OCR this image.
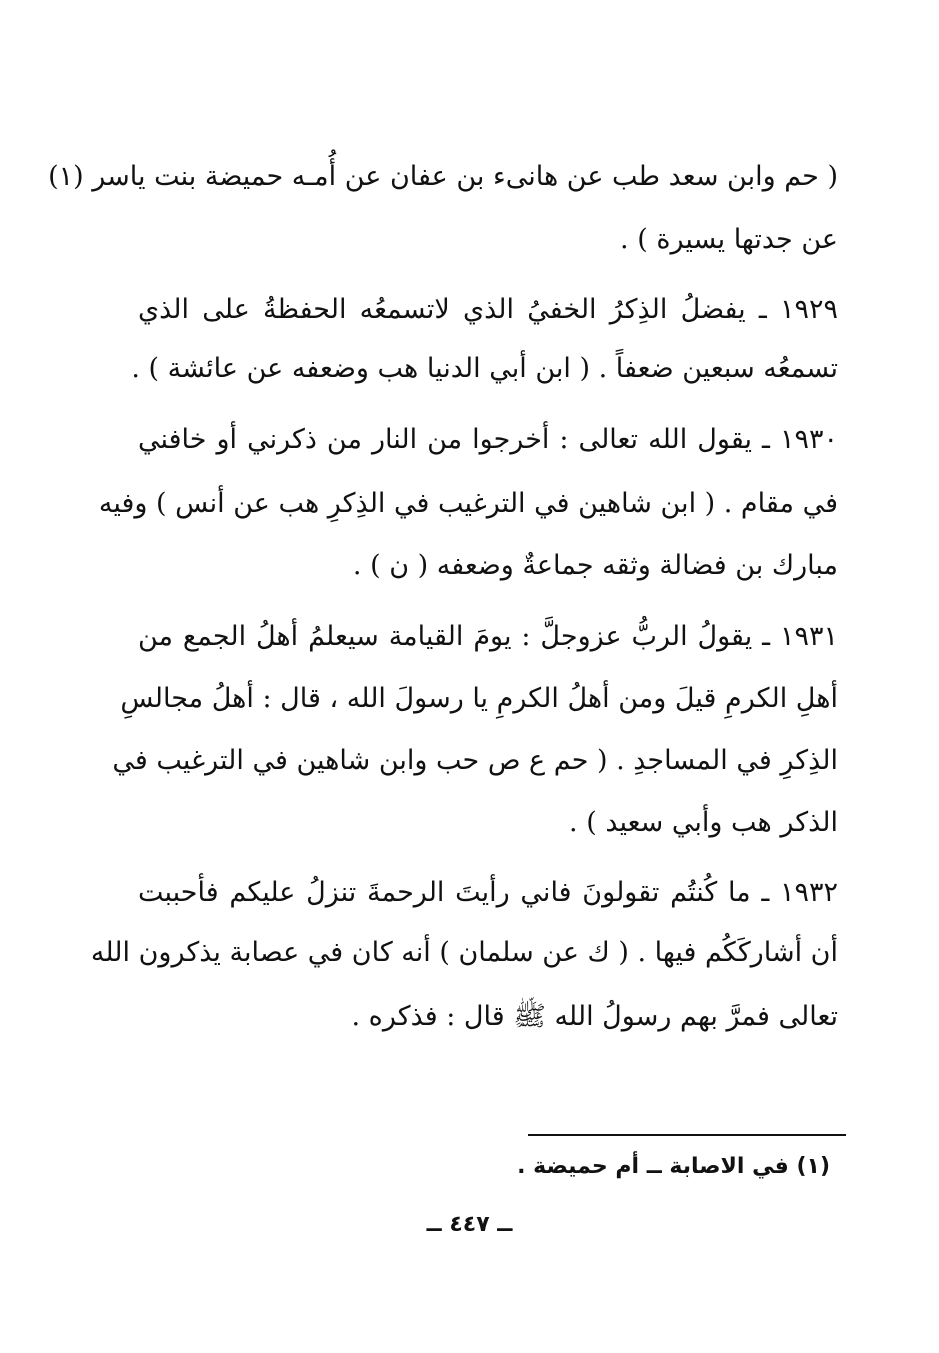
( حم وابن سعد طب عن هانىء بن عفان عن أُمـه حميضة بنت ياسر (١)
عن جدتها يسيرة ) .
١٩٢٩ ـ يفضلُ الذِكرُ الخفيُ الذي لاتسمعُه الحفظةُ على الذي
تسمعُه سبعين ضعفاً . ( ابن أبي الدنيا هب وضعفه عن عائشة ) .
١٩٣٠ ـ يقول الله تعالى : أخرجوا من النار من ذكرني أو خافني
في مقام . ( ابن شاهين في الترغيب في الذِكرِ هب عن أنس ) وفيه
مبارك بن فضالة وثقه جماعةٌ وضعفه ( ن ) .
١٩٣١ ـ يقولُ الربُّ عزوجلَّ : يومَ القيامة سيعلمُ أهلُ الجمع من
أهلِ الكرمِ قيلَ ومن أهلُ الكرمِ يا رسولَ الله ، قال : أهلُ مجالسِ
الذِكرِ في المساجدِ . ( حم ع ص حب وابن شاهين في الترغيب في
الذكر هب وأبي سعيد ) .
١٩٣٢ ـ ما كُنتُم تقولونَ فاني رأيتَ الرحمةَ تنزلُ عليكم فأحببت
أن أشاركَكُم فيها . ( ك عن سلمان ) أنه كان في عصابة يذكرون الله
تعالى فمرَّ بهم رسولُ الله ﷺ قال : فذكره .
(١) في الاصابة ــ أم حميضة .
ــ ٤٤٧ ــ
